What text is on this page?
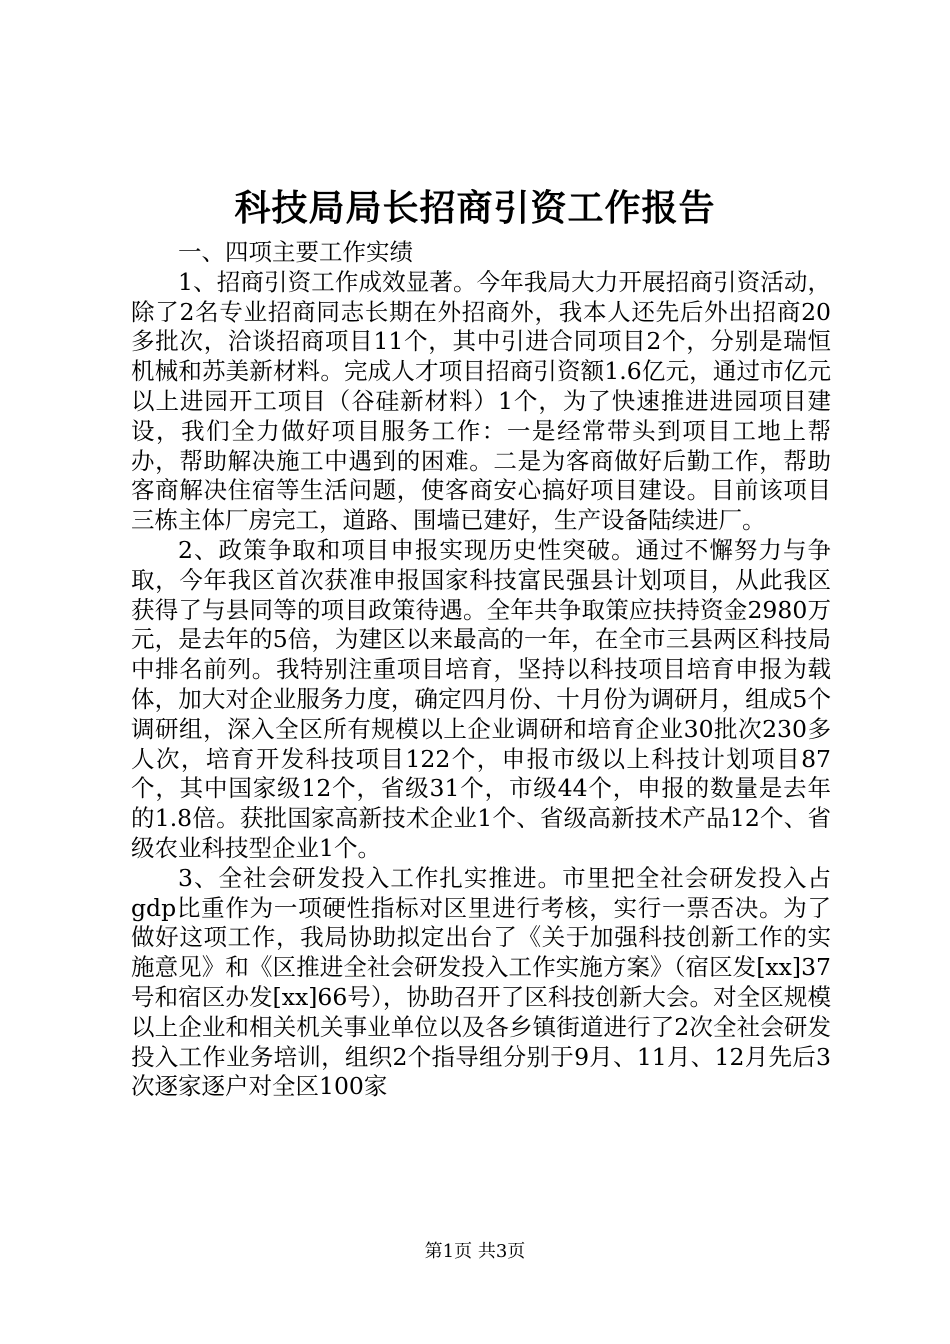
科技局局长招商引资工作报告

一、四项主要工作实绩

1、招商引资工作成效显著。今年我局大力开展招商引资活动，除了2名专业招商同志长期在外招商外，我本人还先后外出招商20多批次，洽谈招商项目11个，其中引进合同项目2个，分别是瑞恒机械和苏美新材料。完成人才项目招商引资额1.6亿元，通过市亿元以上进园开工项目（谷硅新材料）1个，为了快速推进进园项目建设，我们全力做好项目服务工作：一是经常带头到项目工地上帮办，帮助解决施工中遇到的困难。二是为客商做好后勤工作，帮助客商解决住宿等生活问题，使客商安心搞好项目建设。目前该项目三栋主体厂房完工，道路、围墙已建好，生产设备陆续进厂。

2、政策争取和项目申报实现历史性突破。通过不懈努力与争取，今年我区首次获准申报国家科技富民强县计划项目，从此我区获得了与县同等的项目政策待遇。全年共争取策应扶持资金2980万元，是去年的5倍，为建区以来最高的一年，在全市三县两区科技局中排名前列。我特别注重项目培育，坚持以科技项目培育申报为载体，加大对企业服务力度，确定四月份、十月份为调研月，组成5个调研组，深入全区所有规模以上企业调研和培育企业30批次230多人次，培育开发科技项目122个，申报市级以上科技计划项目87个，其中国家级12个，省级31个，市级44个，申报的数量是去年的1.8倍。获批国家高新技术企业1个、省级高新技术产品12个、省级农业科技型企业1个。

3、全社会研发投入工作扎实推进。市里把全社会研发投入占gdp比重作为一项硬性指标对区里进行考核，实行一票否决。为了做好这项工作，我局协助拟定出台了《关于加强科技创新工作的实施意见》和《区推进全社会研发投入工作实施方案》（宿区发[xx]37号和宿区办发[xx]66号），协助召开了区科技创新大会。对全区规模以上企业和相关机关事业单位以及各乡镇街道进行了2次全社会研发投入工作业务培训，组织2个指导组分别于9月、11月、12月先后3次逐家逐户对全区100家

第1页 共3页
